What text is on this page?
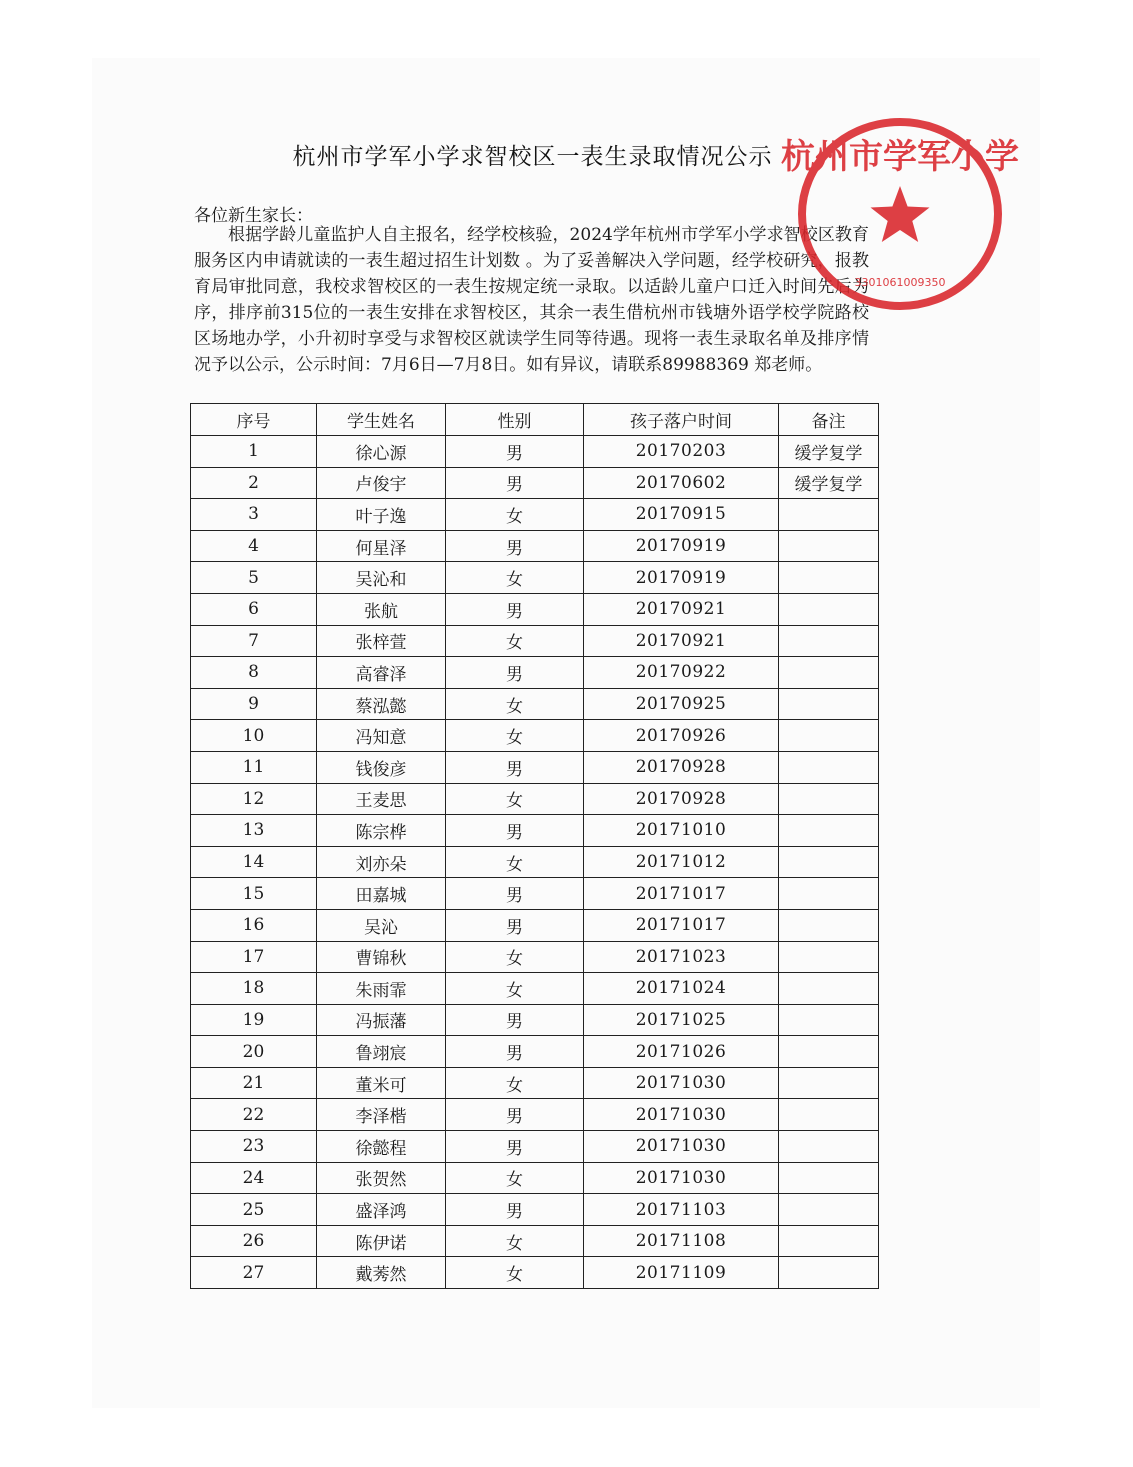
杭州市学军小学求智校区一表生录取情况公示
各位新生家长：

根据学龄儿童监护人自主报名，经学校核验，2024学年杭州市学军小学求智校区教育服务区内申请就读的一表生超过招生计划数 。为了妥善解决入学问题，经学校研究，报教育局审批同意，我校求智校区的一表生按规定统一录取。以适龄儿童户口迁入时间先后为序，排序前315位的一表生安排在求智校区，其余一表生借杭州市钱塘外语学校学院路校区场地办学，小升初时享受与求智校区就读学生同等待遇。现将一表生录取名单及排序情况予以公示，公示时间：7月6日—7月8日。如有异议，请联系89988369 郑老师。

序号	学生姓名	性别	孩子落户时间	备注
1	徐心源	男	20170203	缓学复学
2	卢俊宇	男	20170602	缓学复学
3	叶子逸	女	20170915	
4	何星泽	男	20170919	
5	吴沁和	女	20170919	
6	张航	男	20170921	
7	张梓萱	女	20170921	
8	高睿泽	男	20170922	
9	蔡泓懿	女	20170925	
10	冯知意	女	20170926	
11	钱俊彦	男	20170928	
12	王麦思	女	20170928	
13	陈宗桦	男	20171010	
14	刘亦朵	女	20171012	
15	田嘉城	男	20171017	
16	吴沁	男	20171017	
17	曹锦秋	女	20171023	
18	朱雨霏	女	20171024	
19	冯振藩	男	20171025	
20	鲁翊宸	男	20171026	
21	董米可	女	20171030	
22	李泽楷	男	20171030	
23	徐懿程	男	20171030	
24	张贺然	女	20171030	
25	盛泽鸿	男	20171103	
26	陈伊诺	女	20171108	
27	戴莠然	女	20171109	
杭州市学军小学
3301061009350
